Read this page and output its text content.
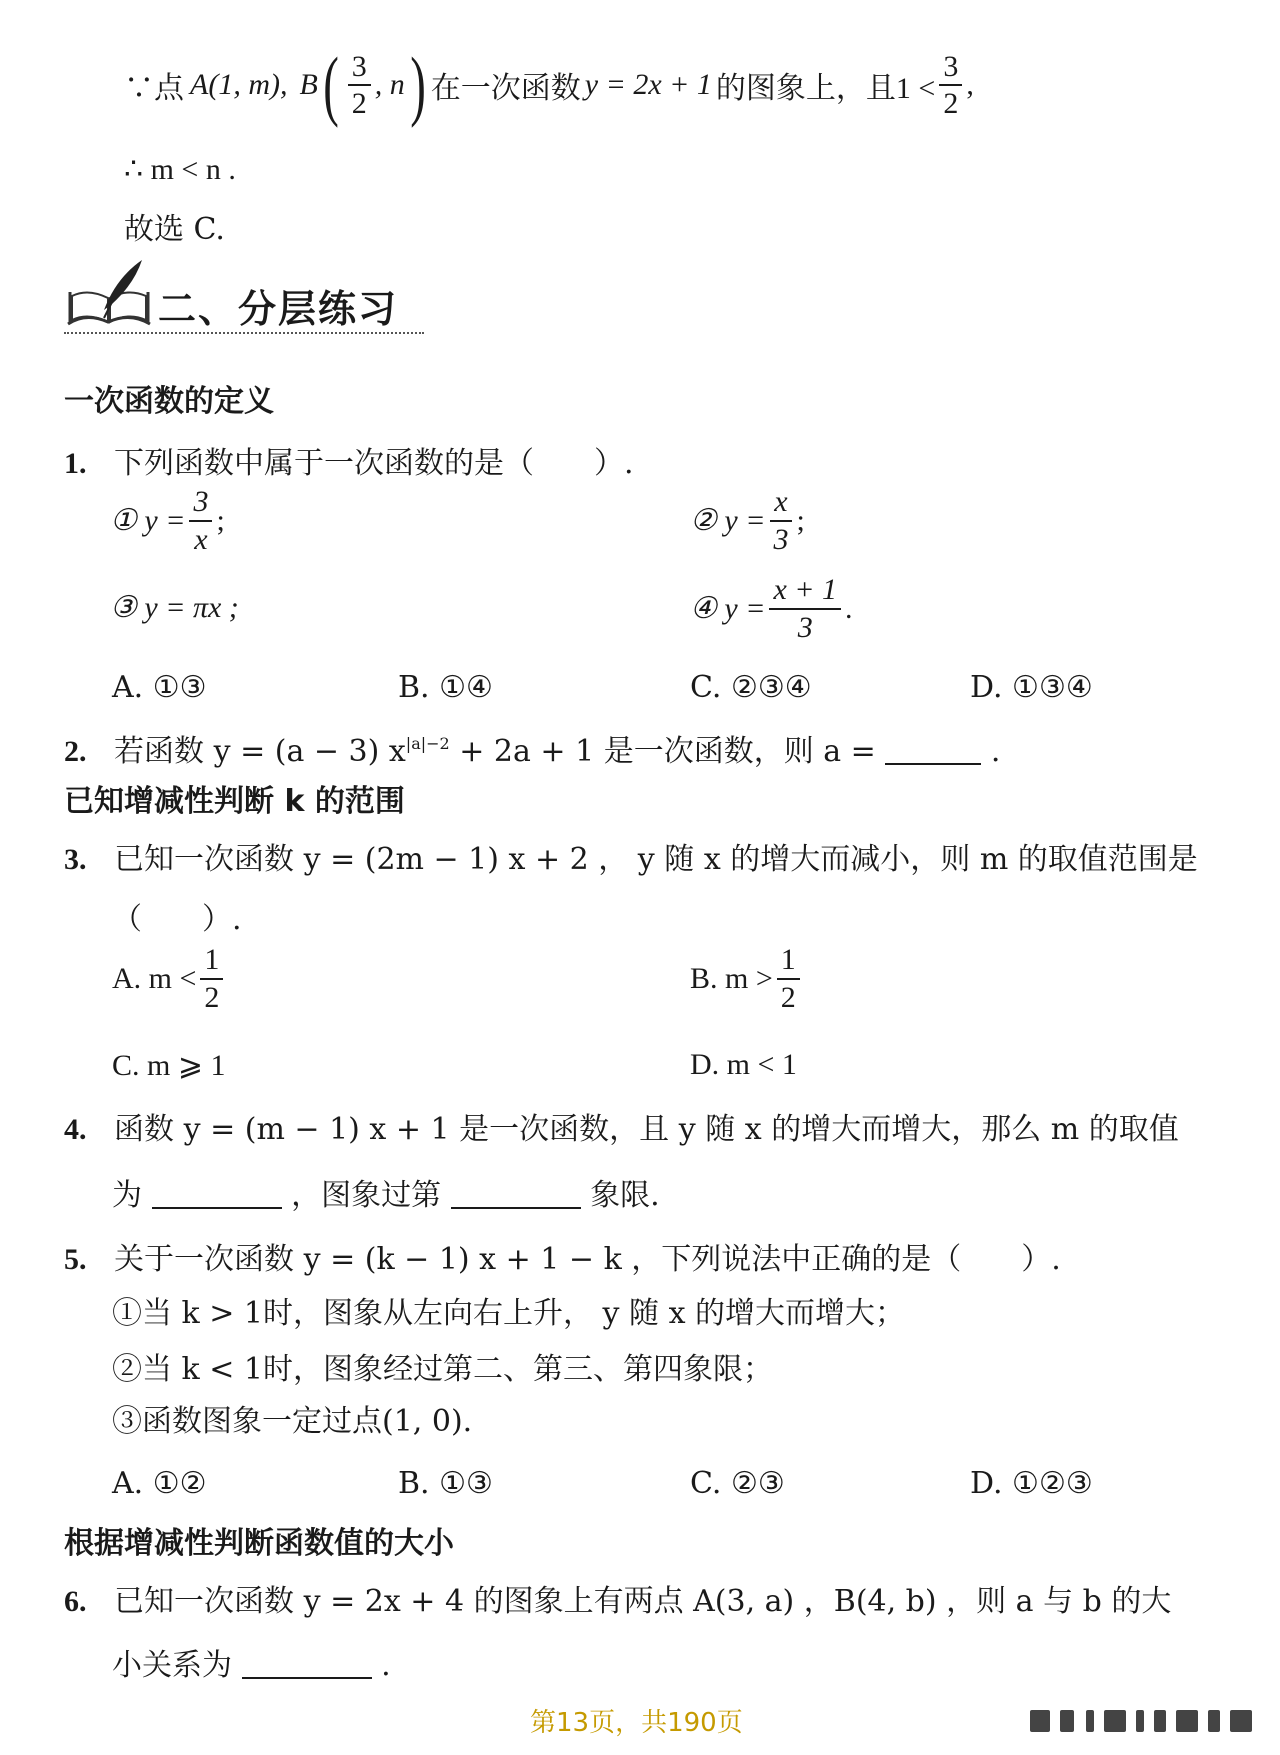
∵点 A(1, m), B ( $\frac{3}{2}$ , n ) 在一次函数 y = 2x + 1 的图象上，且$1 < \frac{3}{2}$ ,
∴ m < n .
故选 C.
二、分层练习
一次函数的定义
1. 下列函数中属于一次函数的是（　　）.
① $y = \frac{3}{x}$ ;	② $y = \frac{x}{3}$ ;
③ y = πx ;	④ $y = \frac{x + 1}{3}$ .
A. ①③	B. ①④	C. ②③④	D. ①③④
2. 若函数 y = (a − 3) $x^{|a|-2} + 2a + 1$ 是一次函数，则 a =	.
已知增减性判断 k 的范围
3. 已知一次函数 y = (2m − 1) x + 2 ， y 随 x 的增大而减小，则 m 的取值范围是
（　　）.
A. $m < \frac{1}{2}$	B. $m > \frac{1}{2}$
C. m ⩾ 1	D. m < 1
4. 函数 y = (m − 1) x + 1 是一次函数，且 y 随 x 的增大而增大，那么 m 的取值
为	，图象过第	象限.
5. 关于一次函数 y = (k − 1) x + 1 − k ，下列说法中正确的是（　　）.
①当 k > 1时，图象从左向右上升， y 随 x 的增大而增大；
②当 k < 1时，图象经过第二、第三、第四象限；
③函数图象一定过点(1, 0).
A. ①②	B. ①③	C. ②③	D. ①②③
根据增减性判断函数值的大小
6. 已知一次函数 y = 2x + 4 的图象上有两点 A(3, a) ，B(4, b) ，则 a 与 b 的大
小关系为	.
第13页，共190页
